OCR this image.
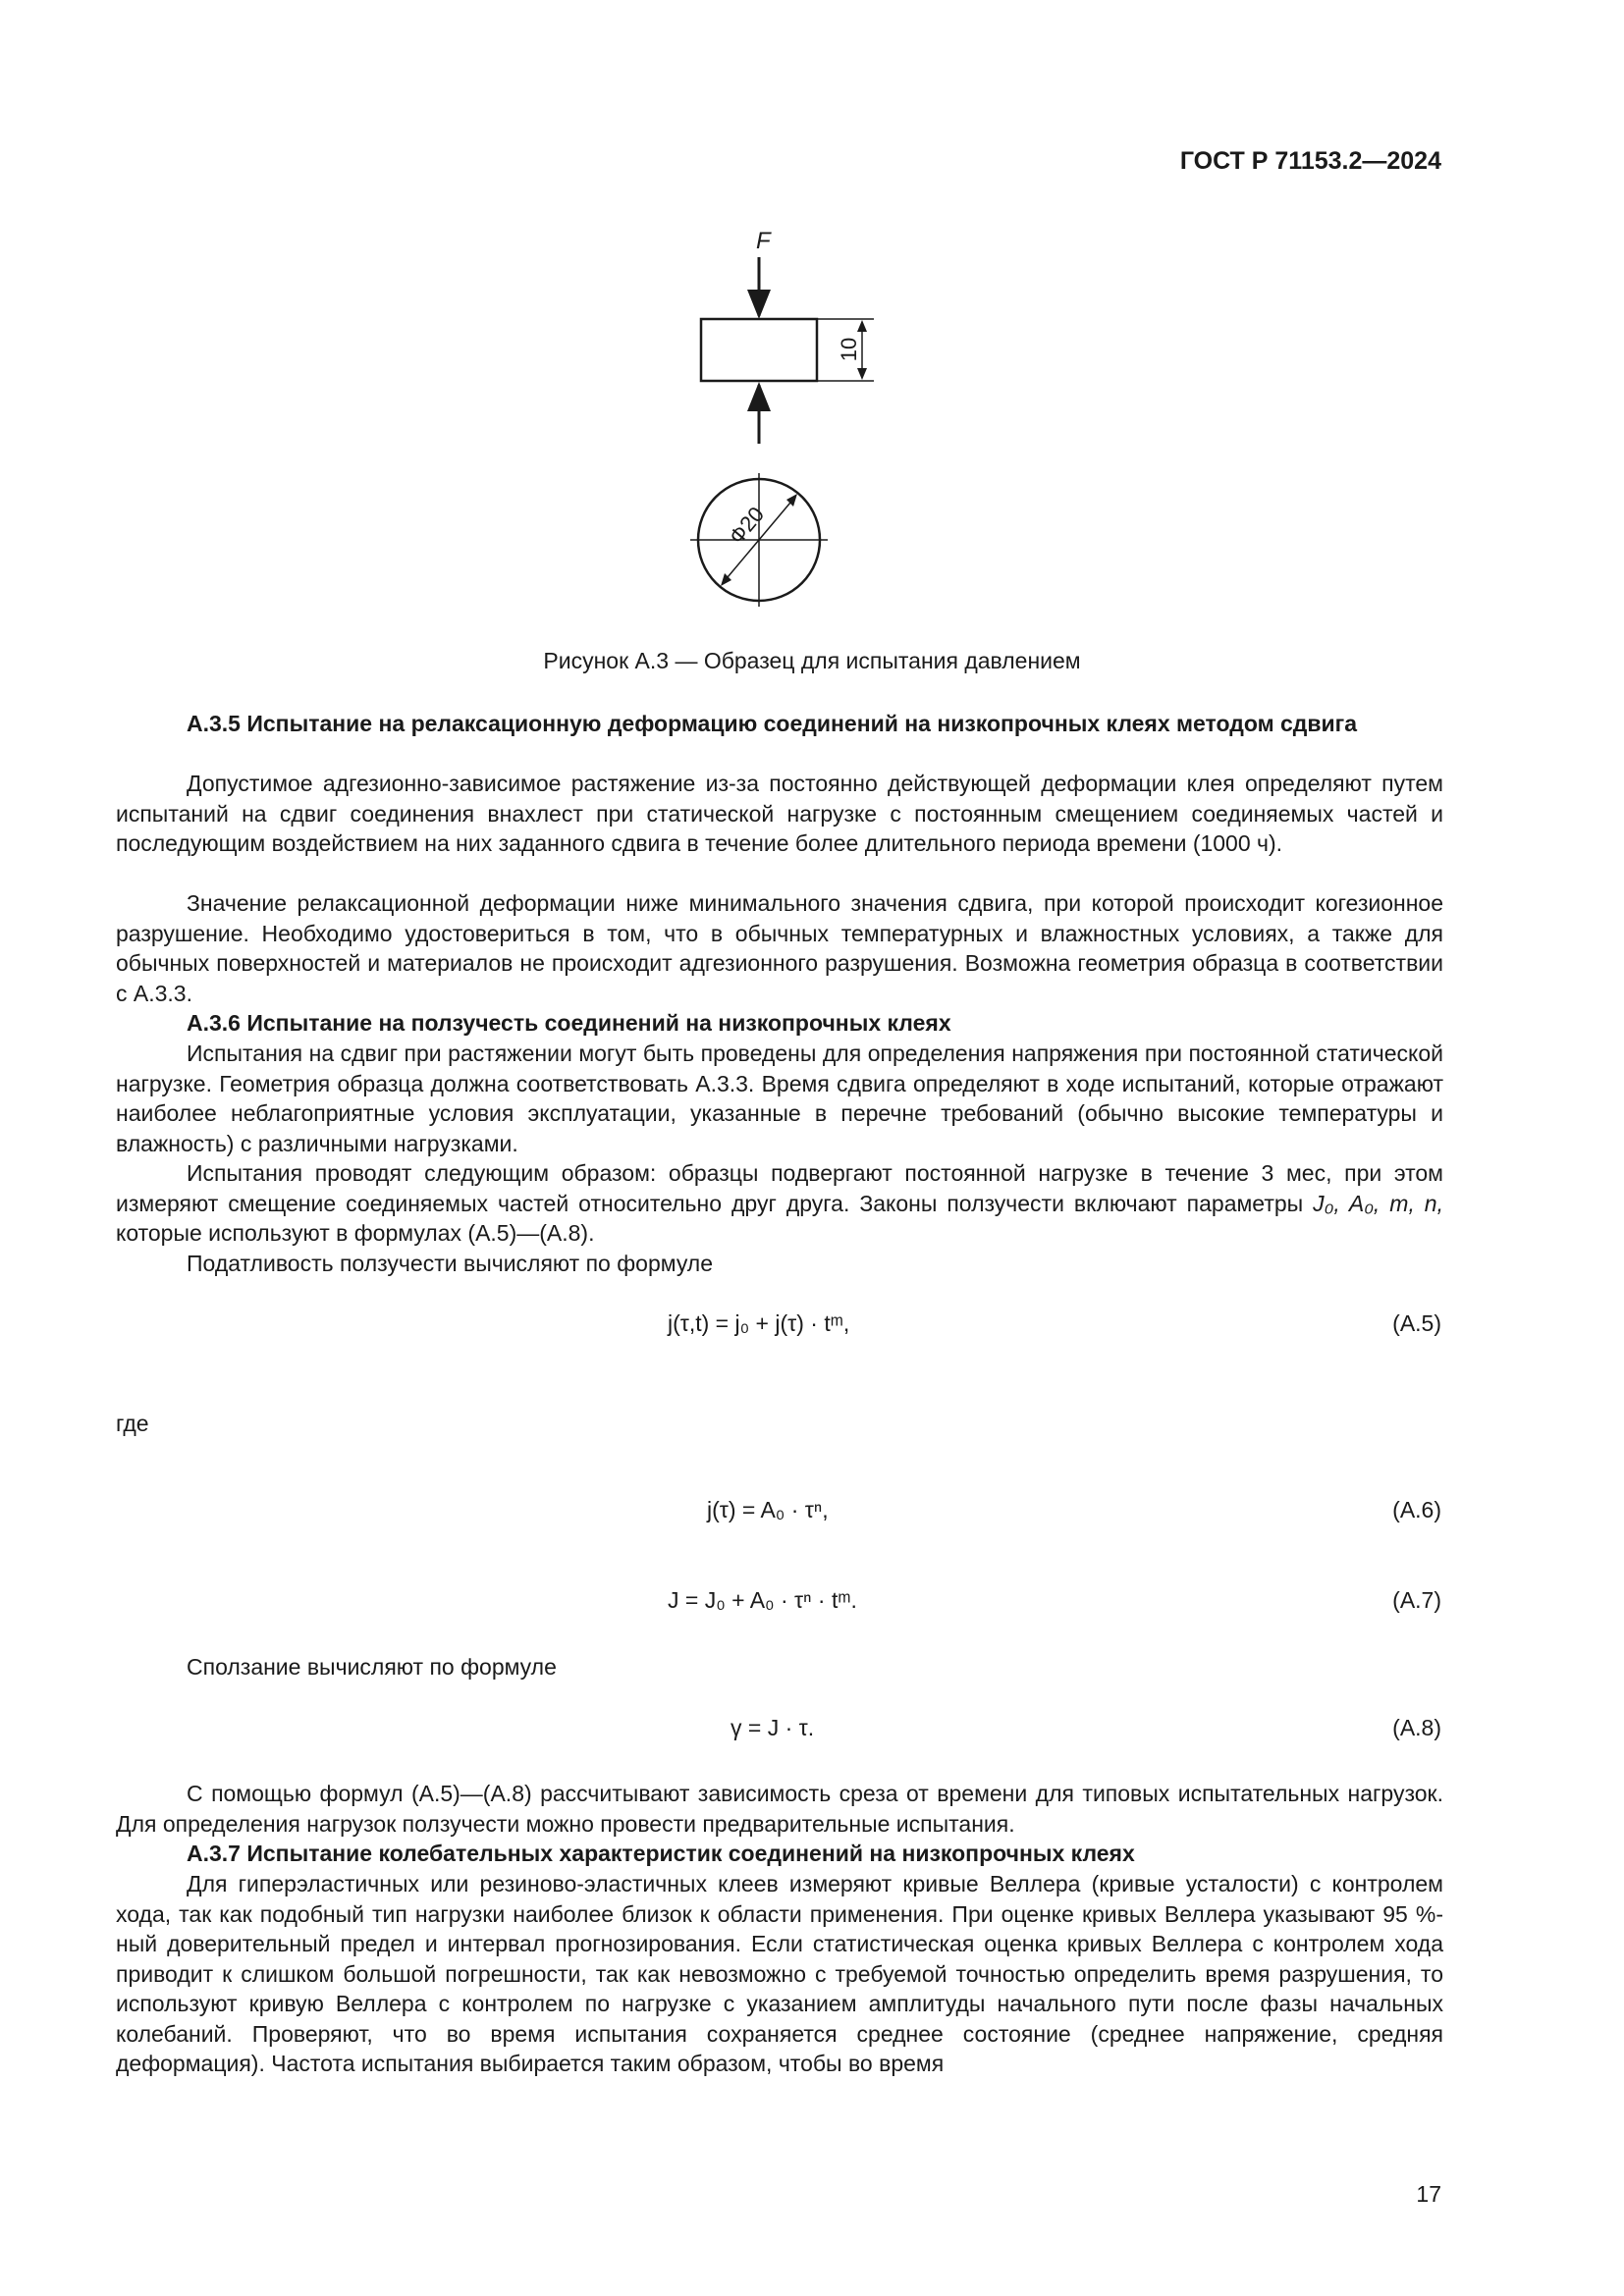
ГОСТ Р 71153.2—2024
F
10
Ф20
Рисунок А.3 — Образец для испытания давлением
А.3.5 Испытание на релаксационную деформацию соединений на низкопрочных клеях методом сдвига
Допустимое адгезионно-зависимое растяжение из-за постоянно действующей деформации клея определяют путем испытаний на сдвиг соединения внахлест при статической нагрузке с постоянным смещением соединяемых частей и последующим воздействием на них заданного сдвига в течение более длительного периода времени (1000 ч).
Значение релаксационной деформации ниже минимального значения сдвига, при которой происходит когезионное разрушение. Необходимо удостовериться в том, что в обычных температурных и влажностных условиях, а также для обычных поверхностей и материалов не происходит адгезионного разрушения. Возможна геометрия образца в соответствии с А.3.3.
А.3.6 Испытание на ползучесть соединений на низкопрочных клеях
Испытания на сдвиг при растяжении могут быть проведены для определения напряжения при постоянной статической нагрузке. Геометрия образца должна соответствовать А.3.3. Время сдвига определяют в ходе испытаний, которые отражают наиболее неблагоприятные условия эксплуатации, указанные в перечне требований (обычно высокие температуры и влажность) с различными нагрузками.
Испытания проводят следующим образом: образцы подвергают постоянной нагрузке в течение 3 мес, при этом измеряют смещение соединяемых частей относительно друг друга. Законы ползучести включают параметры J₀, A₀, m, n, которые используют в формулах (А.5)—(А.8).
Податливость ползучести вычисляют по формуле
j(τ,t) = j₀ + j(τ) · tᵐ,	(А.5)
где
j(τ) = A₀ · τⁿ,	(А.6)
J = J₀ + A₀ · τⁿ · tᵐ.	(А.7)
Сползание вычисляют по формуле
γ = J · τ.	(А.8)
С помощью формул (А.5)—(А.8) рассчитывают зависимость среза от времени для типовых испытательных нагрузок. Для определения нагрузок ползучести можно провести предварительные испытания.
А.3.7 Испытание колебательных характеристик соединений на низкопрочных клеях
Для гиперэластичных или резиново-эластичных клеев измеряют кривые Веллера (кривые усталости) с контролем хода, так как подобный тип нагрузки наиболее близок к области применения. При оценке кривых Веллера указывают 95 %-ный доверительный предел и интервал прогнозирования. Если статистическая оценка кривых Веллера с контролем хода приводит к слишком большой погрешности, так как невозможно с требуемой точностью определить время разрушения, то используют кривую Веллера с контролем по нагрузке с указанием амплитуды начального пути после фазы начальных колебаний. Проверяют, что во время испытания сохраняется среднее состояние (среднее напряжение, средняя деформация). Частота испытания выбирается таким образом, чтобы во время
17
